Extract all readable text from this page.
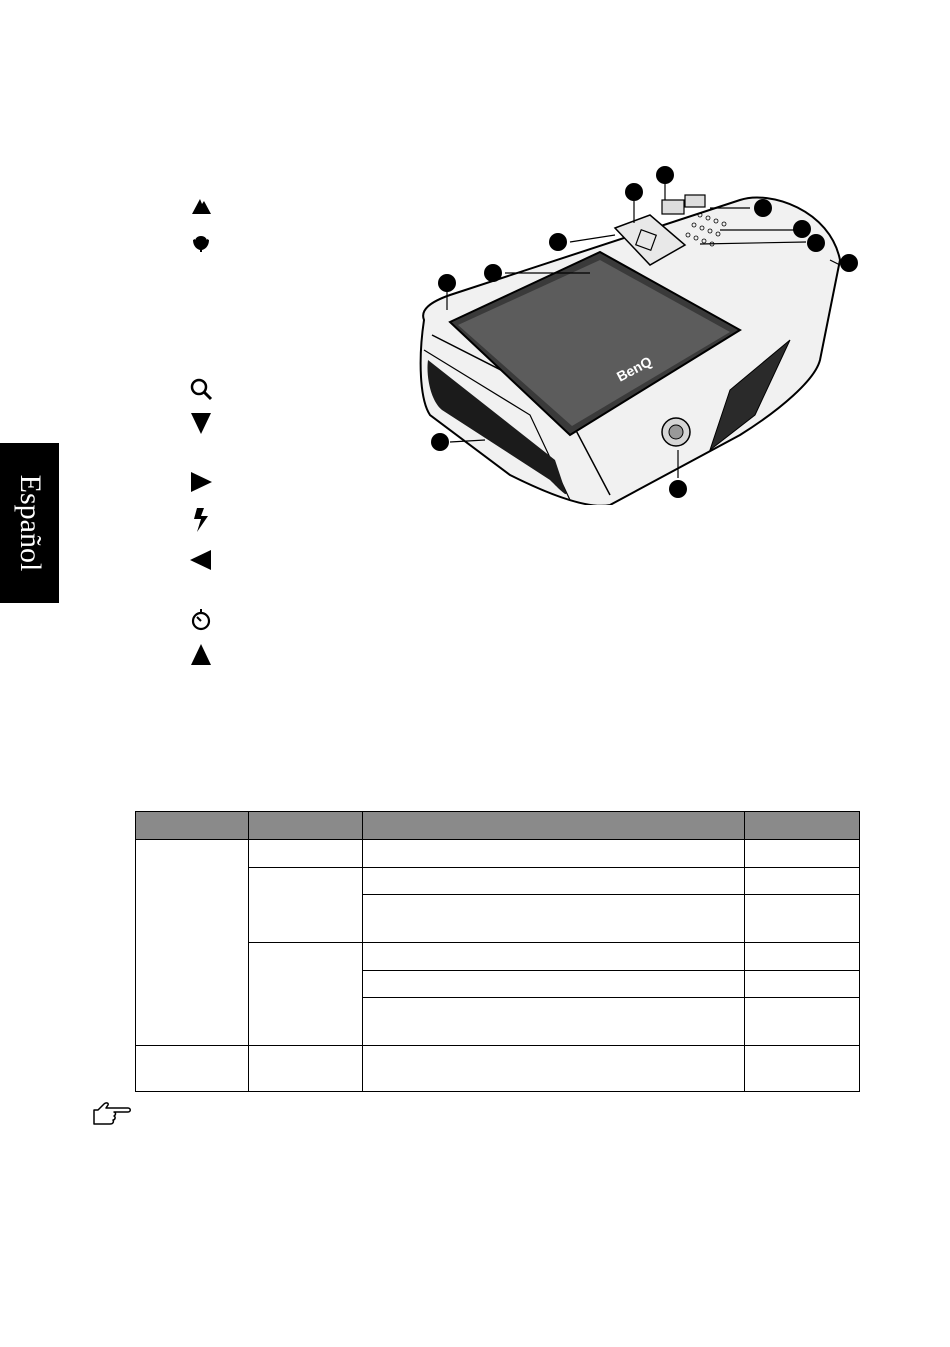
Español
BenQ
